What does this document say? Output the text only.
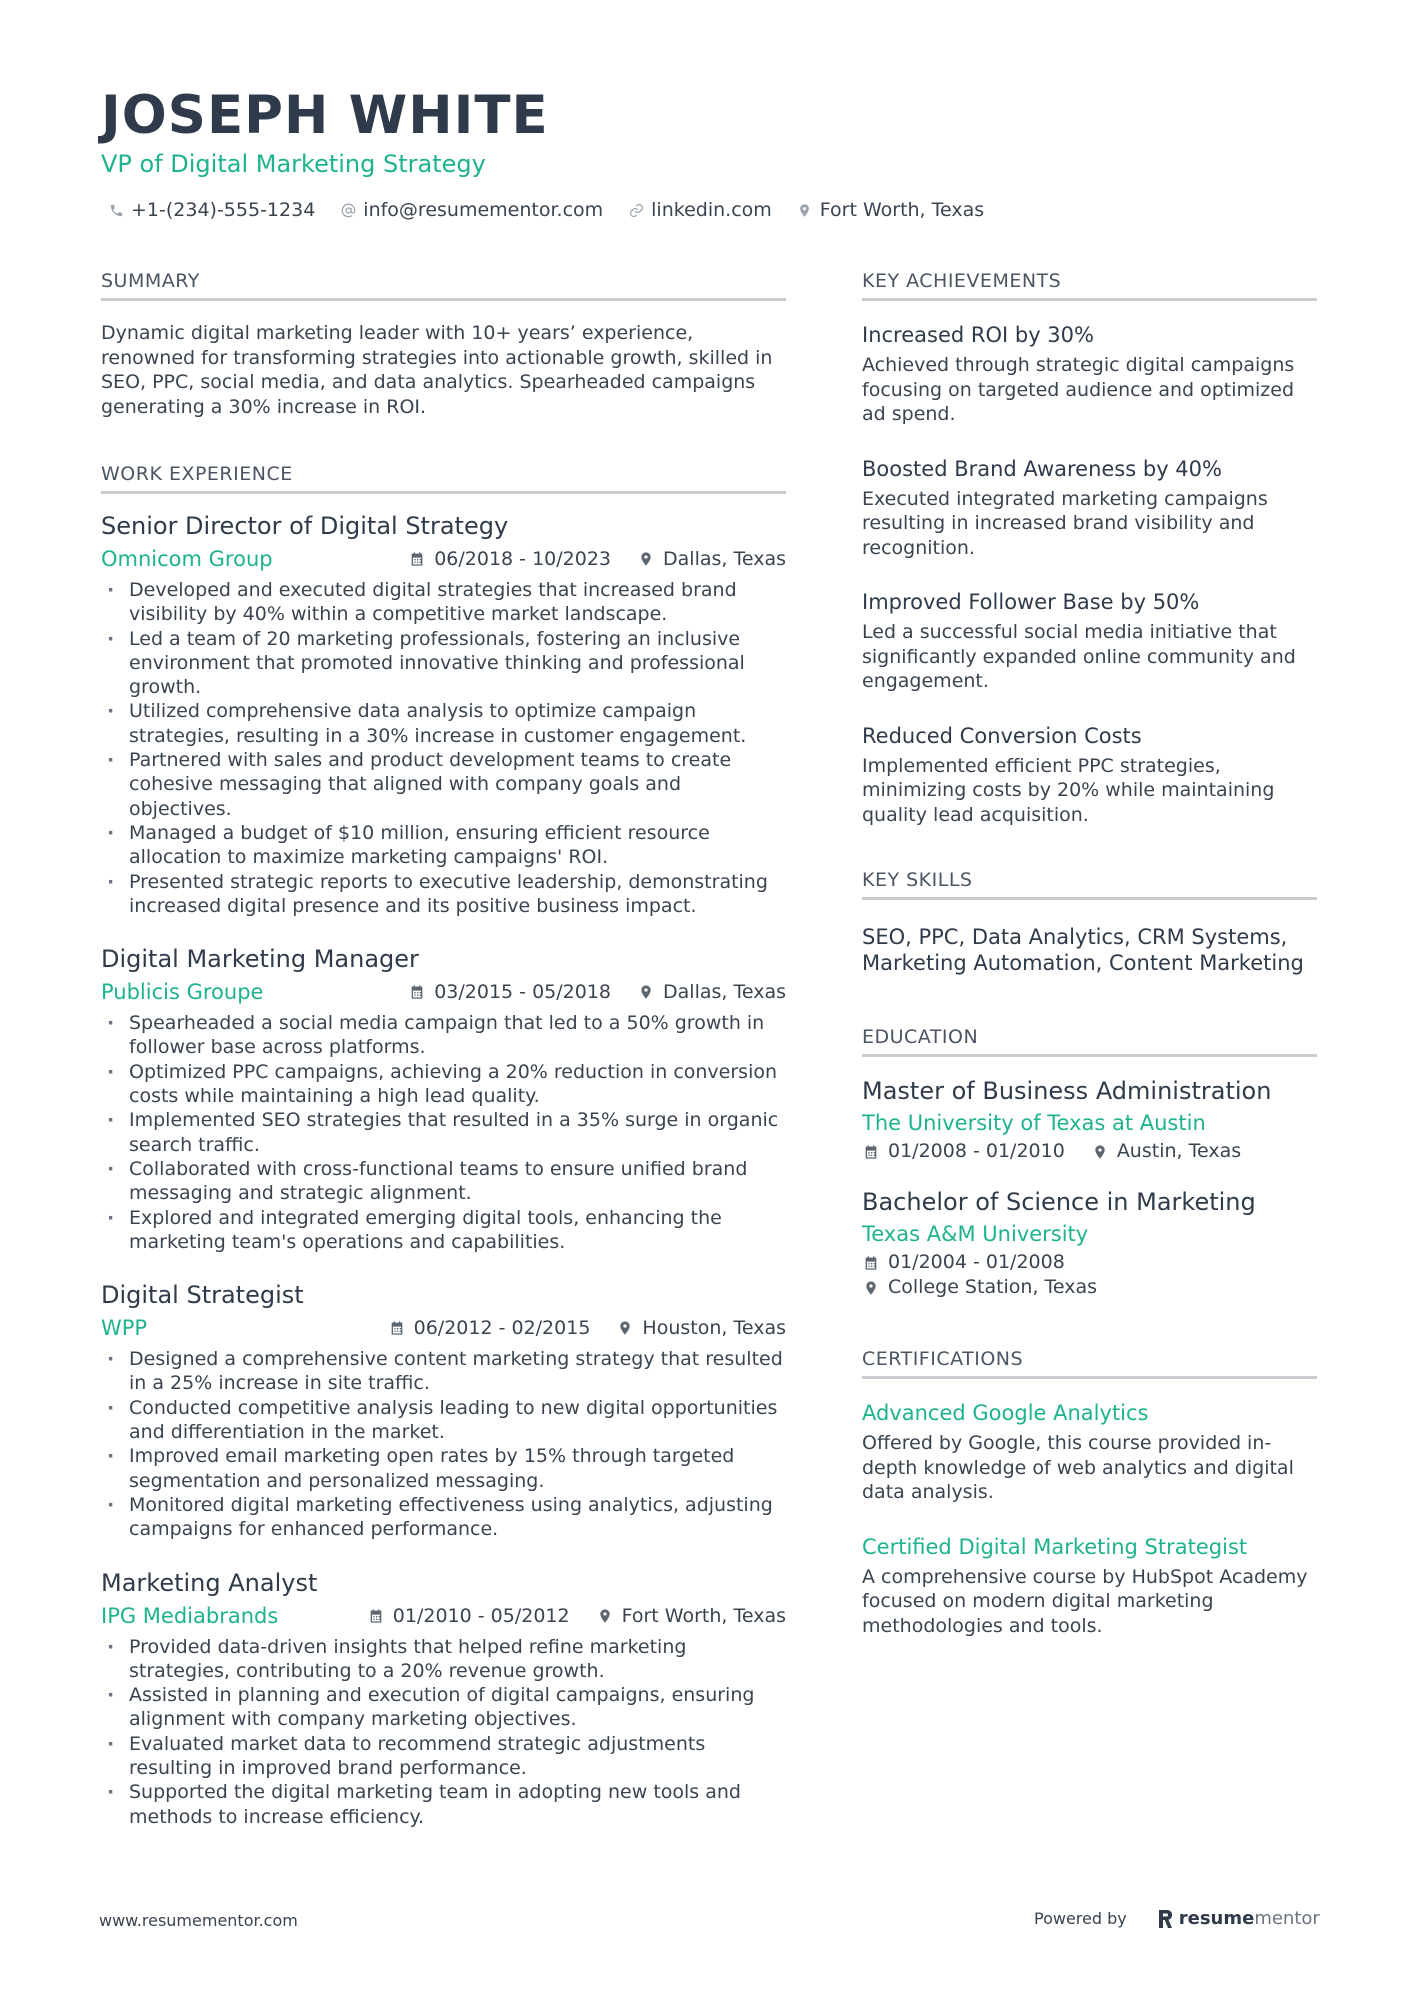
JOSEPH WHITE
VP of Digital Marketing Strategy
+1-(234)-555-1234	info@resumementor.com	linkedin.com	Fort Worth, Texas
SUMMARY

Dynamic digital marketing leader with 10+ years’ experience, renowned for transforming strategies into actionable growth, skilled in SEO, PPC, social media, and data analytics. Spearheaded campaigns generating a 30% increase in ROI.

WORK EXPERIENCE
Senior Director of Digital Strategy
Omnicom Group	06/2018 - 10/2023	Dallas, Texas
· Developed and executed digital strategies that increased brand visibility by 40% within a competitive market landscape.
· Led a team of 20 marketing professionals, fostering an inclusive environment that promoted innovative thinking and professional growth.
· Utilized comprehensive data analysis to optimize campaign strategies, resulting in a 30% increase in customer engagement.
· Partnered with sales and product development teams to create cohesive messaging that aligned with company goals and objectives.
· Managed a budget of $10 million, ensuring efficient resource allocation to maximize marketing campaigns' ROI.
· Presented strategic reports to executive leadership, demonstrating increased digital presence and its positive business impact.
Digital Marketing Manager
Publicis Groupe	03/2015 - 05/2018	Dallas, Texas
· Spearheaded a social media campaign that led to a 50% growth in follower base across platforms.
· Optimized PPC campaigns, achieving a 20% reduction in conversion costs while maintaining a high lead quality.
· Implemented SEO strategies that resulted in a 35% surge in organic search traffic.
· Collaborated with cross-functional teams to ensure unified brand messaging and strategic alignment.
· Explored and integrated emerging digital tools, enhancing the marketing team's operations and capabilities.
Digital Strategist
WPP	06/2012 - 02/2015	Houston, Texas
· Designed a comprehensive content marketing strategy that resulted in a 25% increase in site traffic.
· Conducted competitive analysis leading to new digital opportunities and differentiation in the market.
· Improved email marketing open rates by 15% through targeted segmentation and personalized messaging.
· Monitored digital marketing effectiveness using analytics, adjusting campaigns for enhanced performance.
Marketing Analyst
IPG Mediabrands	01/2010 - 05/2012	Fort Worth, Texas
· Provided data-driven insights that helped refine marketing strategies, contributing to a 20% revenue growth.
· Assisted in planning and execution of digital campaigns, ensuring alignment with company marketing objectives.
· Evaluated market data to recommend strategic adjustments resulting in improved brand performance.
· Supported the digital marketing team in adopting new tools and methods to increase efficiency.
KEY ACHIEVEMENTS
Increased ROI by 30%

Achieved through strategic digital campaigns focusing on targeted audience and optimized ad spend.

Boosted Brand Awareness by 40%

Executed integrated marketing campaigns resulting in increased brand visibility and recognition.

Improved Follower Base by 50%

Led a successful social media initiative that significantly expanded online community and engagement.

Reduced Conversion Costs

Implemented efficient PPC strategies, minimizing costs by 20% while maintaining quality lead acquisition.

KEY SKILLS

SEO, PPC, Data Analytics, CRM Systems, Marketing Automation, Content Marketing

EDUCATION
Master of Business Administration
The University of Texas at Austin
01/2008 - 01/2010	Austin, Texas
Bachelor of Science in Marketing
Texas A&M University
01/2004 - 01/2008
College Station, Texas
CERTIFICATIONS
Advanced Google Analytics

Offered by Google, this course provided in-depth knowledge of web analytics and digital data analysis.

Certified Digital Marketing Strategist

A comprehensive course by HubSpot Academy focused on modern digital marketing methodologies and tools.

www.resumementor.com	Powered by	resume mentor
